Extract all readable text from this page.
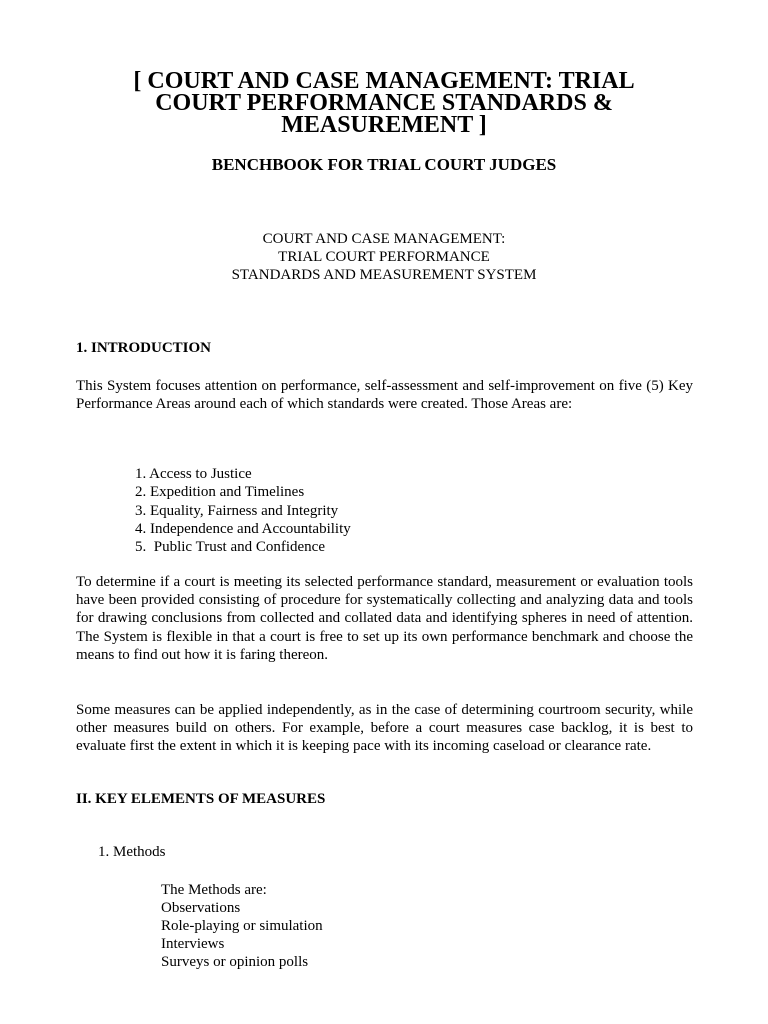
[ COURT AND CASE MANAGEMENT: TRIAL COURT PERFORMANCE STANDARDS & MEASUREMENT ]
BENCHBOOK FOR TRIAL COURT JUDGES
COURT AND CASE MANAGEMENT:
TRIAL COURT PERFORMANCE
STANDARDS AND MEASUREMENT SYSTEM
1. INTRODUCTION

This System focuses attention on performance, self-assessment and self-improvement on five (5) Key Performance Areas around each of which standards were created. Those Areas are:

1. Access to Justice
2. Expedition and Timelines
3. Equality, Fairness and Integrity
4. Independence and Accountability
5.  Public Trust and Confidence

To determine if a court is meeting its selected performance standard, measurement or evaluation tools have been provided consisting of procedure for systematically collecting and analyzing data and tools for drawing conclusions from collected and collated data and identifying spheres in need of attention. The System is flexible in that a court is free to set up its own performance benchmark and choose the means to find out how it is faring thereon.

Some measures can be applied independently, as in the case of determining courtroom security, while other measures build on others. For example, before a court measures case backlog, it is best to evaluate first the extent in which it is keeping pace with its incoming caseload or clearance rate.

II. KEY ELEMENTS OF MEASURES
1. Methods
The Methods are:
Observations
Role-playing or simulation
Interviews
Surveys or opinion polls
